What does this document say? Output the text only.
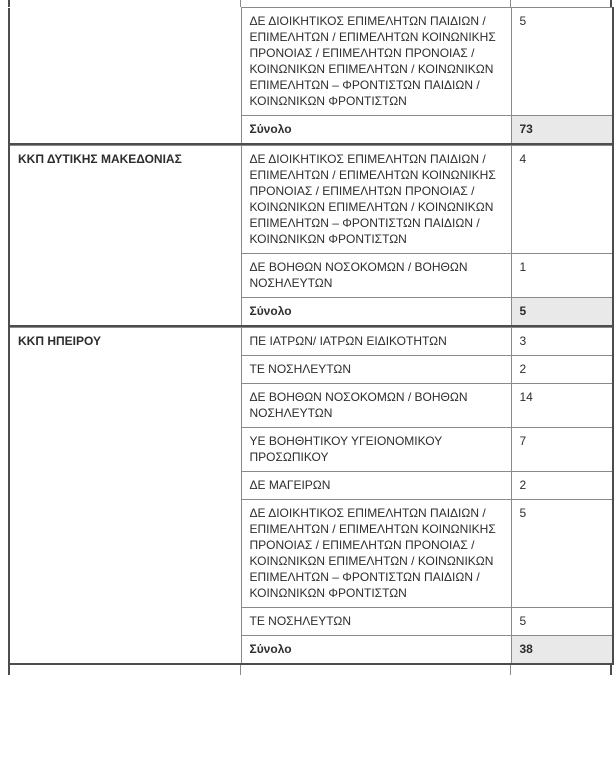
	ΔΕ ΔΙΟΙΚΗΤΙΚΟΣ ΕΠΙΜΕΛΗΤΩΝ ΠΑΙΔΙΩΝ / ΕΠΙΜΕΛΗΤΩΝ / ΕΠΙΜΕΛΗΤΩΝ ΚΟΙΝΩΝΙΚΗΣ ΠΡΟΝΟΙΑΣ / ΕΠΙΜΕΛΗΤΩΝ ΠΡΟΝΟΙΑΣ / ΚΟΙΝΩΝΙΚΩΝ ΕΠΙΜΕΛΗΤΩΝ / ΚΟΙΝΩΝΙΚΩΝ ΕΠΙΜΕΛΗΤΩΝ – ΦΡΟΝΤΙΣΤΩΝ ΠΑΙΔΙΩΝ / ΚΟΙΝΩΝΙΚΩΝ ΦΡΟΝΤΙΣΤΩΝ	5
	Σύνολο	73
ΚΚΠ ΔΥΤΙΚΗΣ ΜΑΚΕΔΟΝΙΑΣ	ΔΕ ΔΙΟΙΚΗΤΙΚΟΣ ΕΠΙΜΕΛΗΤΩΝ ΠΑΙΔΙΩΝ / ΕΠΙΜΕΛΗΤΩΝ / ΕΠΙΜΕΛΗΤΩΝ ΚΟΙΝΩΝΙΚΗΣ ΠΡΟΝΟΙΑΣ / ΕΠΙΜΕΛΗΤΩΝ ΠΡΟΝΟΙΑΣ / ΚΟΙΝΩΝΙΚΩΝ ΕΠΙΜΕΛΗΤΩΝ / ΚΟΙΝΩΝΙΚΩΝ ΕΠΙΜΕΛΗΤΩΝ – ΦΡΟΝΤΙΣΤΩΝ ΠΑΙΔΙΩΝ / ΚΟΙΝΩΝΙΚΩΝ ΦΡΟΝΤΙΣΤΩΝ	4
	ΔΕ ΒΟΗΘΩΝ ΝΟΣΟΚΟΜΩΝ / ΒΟΗΘΩΝ ΝΟΣΗΛΕΥΤΩΝ	1
	Σύνολο	5
ΚΚΠ ΗΠΕΙΡΟΥ	ΠΕ ΙΑΤΡΩΝ/ ΙΑΤΡΩΝ ΕΙΔΙΚΟΤΗΤΩΝ	3
	ΤΕ ΝΟΣΗΛΕΥΤΩΝ	2
	ΔΕ ΒΟΗΘΩΝ ΝΟΣΟΚΟΜΩΝ / ΒΟΗΘΩΝ ΝΟΣΗΛΕΥΤΩΝ	14
	ΥΕ ΒΟΗΘΗΤΙΚΟΥ ΥΓΕΙΟΝΟΜΙΚΟΥ ΠΡΟΣΩΠΙΚΟΥ	7
	ΔΕ ΜΑΓΕΙΡΩΝ	2
	ΔΕ ΔΙΟΙΚΗΤΙΚΟΣ ΕΠΙΜΕΛΗΤΩΝ ΠΑΙΔΙΩΝ / ΕΠΙΜΕΛΗΤΩΝ / ΕΠΙΜΕΛΗΤΩΝ ΚΟΙΝΩΝΙΚΗΣ ΠΡΟΝΟΙΑΣ / ΕΠΙΜΕΛΗΤΩΝ ΠΡΟΝΟΙΑΣ / ΚΟΙΝΩΝΙΚΩΝ ΕΠΙΜΕΛΗΤΩΝ / ΚΟΙΝΩΝΙΚΩΝ ΕΠΙΜΕΛΗΤΩΝ – ΦΡΟΝΤΙΣΤΩΝ ΠΑΙΔΙΩΝ / ΚΟΙΝΩΝΙΚΩΝ ΦΡΟΝΤΙΣΤΩΝ	5
	ΤΕ ΝΟΣΗΛΕΥΤΩΝ	5
	Σύνολο	38
